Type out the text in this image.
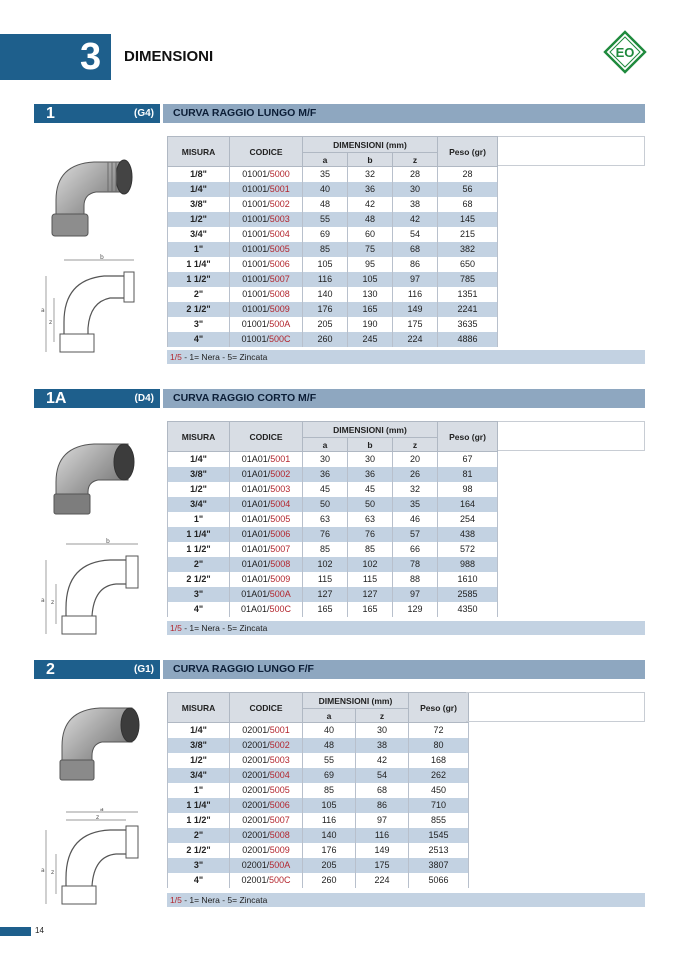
3 DIMENSIONI	EO
1	(G4)	CURVA RAGGIO LUNGO M/F
b
a
z
MISURA	CODICE	DIMENSIONI (mm)			Peso (gr)
		a	b	z	
1/8"	01001/5000	35	32	28	28
1/4"	01001/5001	40	36	30	56
3/8"	01001/5002	48	42	38	68
1/2"	01001/5003	55	48	42	145
3/4"	01001/5004	69	60	54	215
1"	01001/5005	85	75	68	382
1 1/4"	01001/5006	105	95	86	650
1 1/2"	01001/5007	116	105	97	785
2"	01001/5008	140	130	116	1351
2 1/2"	01001/5009	176	165	149	2241
3"	01001/500A	205	190	175	3635
4"	01001/500C	260	245	224	4886
1/5 - 1= Nera - 5= Zincata
1A	(D4)	CURVA RAGGIO CORTO M/F
b
a z
MISURA	CODICE	DIMENSIONI (mm)			Peso (gr)
		a	b	z	
1/4"	01A01/5001	30	30	20	67
3/8"	01A01/5002	36	36	26	81
1/2"	01A01/5003	45	45	32	98
3/4"	01A01/5004	50	50	35	164
1"	01A01/5005	63	63	46	254
1 1/4"	01A01/5006	76	76	57	438
1 1/2"	01A01/5007	85	85	66	572
2"	01A01/5008	102	102	78	988
2 1/2"	01A01/5009	115	115	88	1610
3"	01A01/500A	127	127	97	2585
4"	01A01/500C	165	165	129	4350
1/5 - 1= Nera - 5= Zincata
2	(G1)	CURVA RAGGIO LUNGO F/F
a
z
a z
MISURA	CODICE	DIMENSIONI (mm)		Peso (gr)
		a	z	
1/4"	02001/5001	40	30	72
3/8"	02001/5002	48	38	80
1/2"	02001/5003	55	42	168
3/4"	02001/5004	69	54	262
1"	02001/5005	85	68	450
1 1/4"	02001/5006	105	86	710
1 1/2"	02001/5007	116	97	855
2"	02001/5008	140	116	1545
2 1/2"	02001/5009	176	149	2513
3"	02001/500A	205	175	3807
4"	02001/500C	260	224	5066
1/5 - 1= Nera - 5= Zincata
14
